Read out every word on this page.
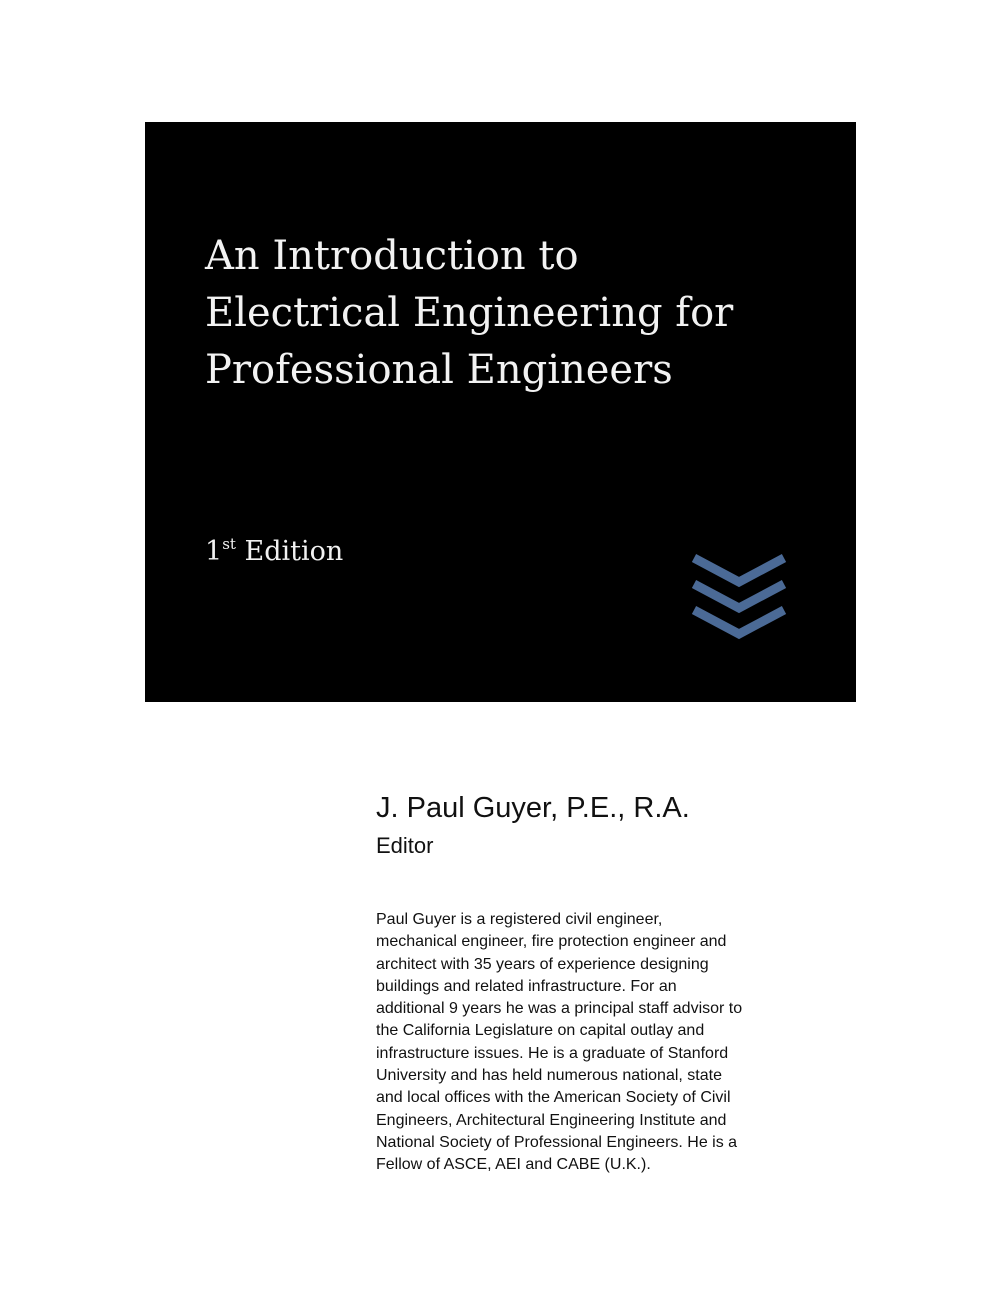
An Introduction to
Electrical Engineering for
Professional Engineers
1st Edition
J. Paul Guyer, P.E., R.A.
Editor
Paul Guyer is a registered civil engineer,
mechanical engineer, fire protection engineer and
architect with 35 years of experience designing
buildings and related infrastructure. For an
additional 9 years he was a principal staff advisor to
the California Legislature on capital outlay and
infrastructure issues. He is a graduate of Stanford
University and has held numerous national, state
and local offices with the American Society of Civil
Engineers, Architectural Engineering Institute and
National Society of Professional Engineers. He is a
Fellow of ASCE, AEI and CABE (U.K.).
